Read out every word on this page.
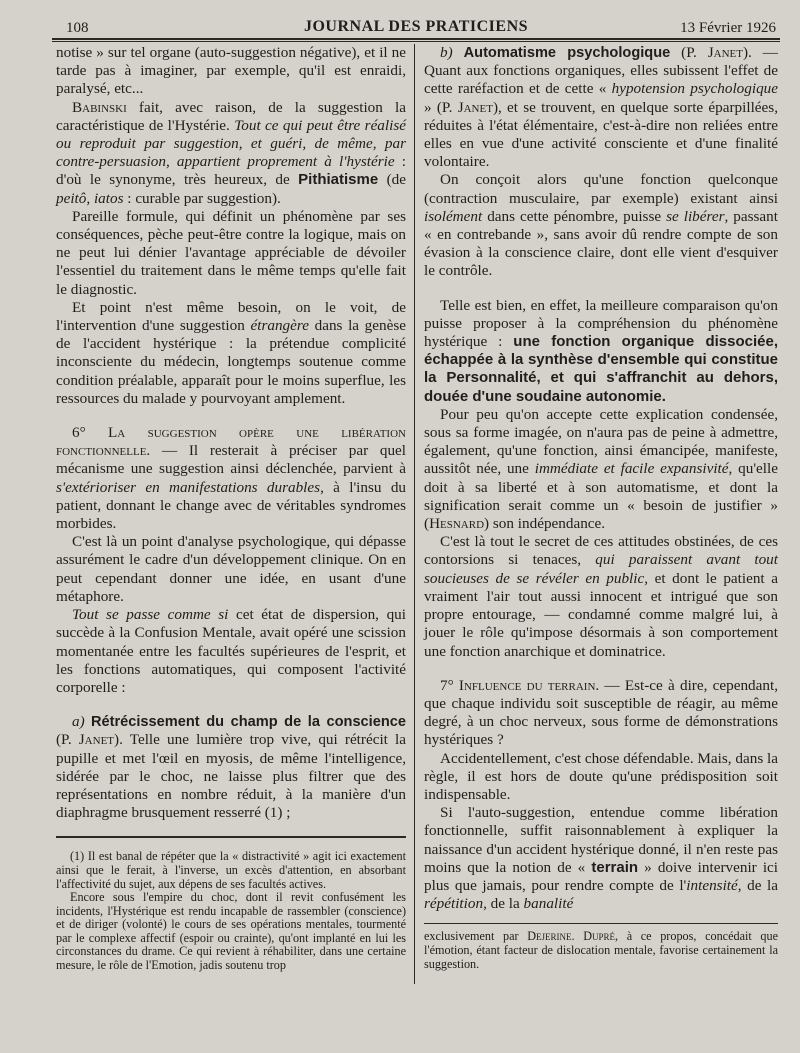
108	JOURNAL DES PRATICIENS	13 Février 1926

notise » sur tel organe (auto-suggestion négative), et il ne tarde pas à imaginer, par exemple, qu'il est enraidi, paralysé, etc...

Babinski fait, avec raison, de la suggestion la caractéristique de l'Hystérie. Tout ce qui peut être réalisé ou reproduit par suggestion, et guéri, de même, par contre-persuasion, appartient proprement à l'hystérie : d'où le synonyme, très heureux, de Pithiatisme (de peitô, iatos : curable par suggestion).

Pareille formule, qui définit un phénomène par ses conséquences, pèche peut-être contre la logique, mais on ne peut lui dénier l'avantage appréciable de dévoiler l'essentiel du traitement dans le même temps qu'elle fait le diagnostic.

Et point n'est même besoin, on le voit, de l'intervention d'une suggestion étrangère dans la genèse de l'accident hystérique : la prétendue complicité inconsciente du médecin, longtemps soutenue comme condition préalable, apparaît pour le moins superflue, les ressources du malade y pourvoyant amplement.

6° La suggestion opère une libération fonctionnelle. — Il resterait à préciser par quel mécanisme une suggestion ainsi déclenchée, parvient à s'extérioriser en manifestations durables, à l'insu du patient, donnant le change avec de véritables syndromes morbides.

C'est là un point d'analyse psychologique, qui dépasse assurément le cadre d'un développement clinique. On en peut cependant donner une idée, en usant d'une métaphore.

Tout se passe comme si cet état de dispersion, qui succède à la Confusion Mentale, avait opéré une scission momentanée entre les facultés supérieures de l'esprit, et les fonctions automatiques, qui composent l'activité corporelle :

a) Rétrécissement du champ de la conscience (P. Janet). Telle une lumière trop vive, qui rétrécit la pupille et met l'œil en myosis, de même l'intelligence, sidérée par le choc, ne laisse plus filtrer que des représentations en nombre réduit, à la manière d'un diaphragme brusquement resserré (1) ;

(1) Il est banal de répéter que la « distractivité » agit ici exactement ainsi que le ferait, à l'inverse, un excès d'attention, en absorbant l'affectivité du sujet, aux dépens de ses facultés actives.

Encore sous l'empire du choc, dont il revit confusément les incidents, l'Hystérique est rendu incapable de rassembler (conscience) et de diriger (volonté) le cours de ses opérations mentales, tourmenté par le complexe affectif (espoir ou crainte), qu'ont implanté en lui les circonstances du drame. Ce qui revient à réhabiliter, dans une certaine mesure, le rôle de l'Emotion, jadis soutenu trop

b) Automatisme psychologique (P. Janet). — Quant aux fonctions organiques, elles subissent l'effet de cette raréfaction et de cette « hypotension psychologique » (P. Janet), et se trouvent, en quelque sorte éparpillées, réduites à l'état élémentaire, c'est-à-dire non reliées entre elles en vue d'une activité consciente et d'une finalité volontaire.

On conçoit alors qu'une fonction quelconque (contraction musculaire, par exemple) existant ainsi isolément dans cette pénombre, puisse se libérer, passant « en contrebande », sans avoir dû rendre compte de son évasion à la conscience claire, dont elle vient d'esquiver le contrôle.

Telle est bien, en effet, la meilleure comparaison qu'on puisse proposer à la compréhension du phénomène hystérique : une fonction organique dissociée, échappée à la synthèse d'ensemble qui constitue la Personnalité, et qui s'affranchit au dehors, douée d'une soudaine autonomie.

Pour peu qu'on accepte cette explication condensée, sous sa forme imagée, on n'aura pas de peine à admettre, également, qu'une fonction, ainsi émancipée, manifeste, aussitôt née, une immédiate et facile expansivité, qu'elle doit à sa liberté et à son automatisme, et dont la signification serait comme un « besoin de justifier » (Hesnard) son indépendance.

C'est là tout le secret de ces attitudes obstinées, de ces contorsions si tenaces, qui paraissent avant tout soucieuses de se révéler en public, et dont le patient a vraiment l'air tout aussi innocent et intrigué que son propre entourage, — condamné comme malgré lui, à jouer le rôle qu'impose désormais à son comportement une fonction anarchique et dominatrice.

7° Influence du terrain. — Est-ce à dire, cependant, que chaque individu soit susceptible de réagir, au même degré, à un choc nerveux, sous forme de démonstrations hystériques ?

Accidentellement, c'est chose défendable. Mais, dans la règle, il est hors de doute qu'une prédisposition soit indispensable.

Si l'auto-suggestion, entendue comme libération fonctionnelle, suffit raisonnablement à expliquer la naissance d'un accident hystérique donné, il n'en reste pas moins que la notion de « terrain » doive intervenir ici plus que jamais, pour rendre compte de l'intensité, de la répétition, de la banalité

exclusivement par Dejerine. Dupré, à ce propos, concédait que l'émotion, étant facteur de dislocation mentale, favorise certainement la suggestion.
